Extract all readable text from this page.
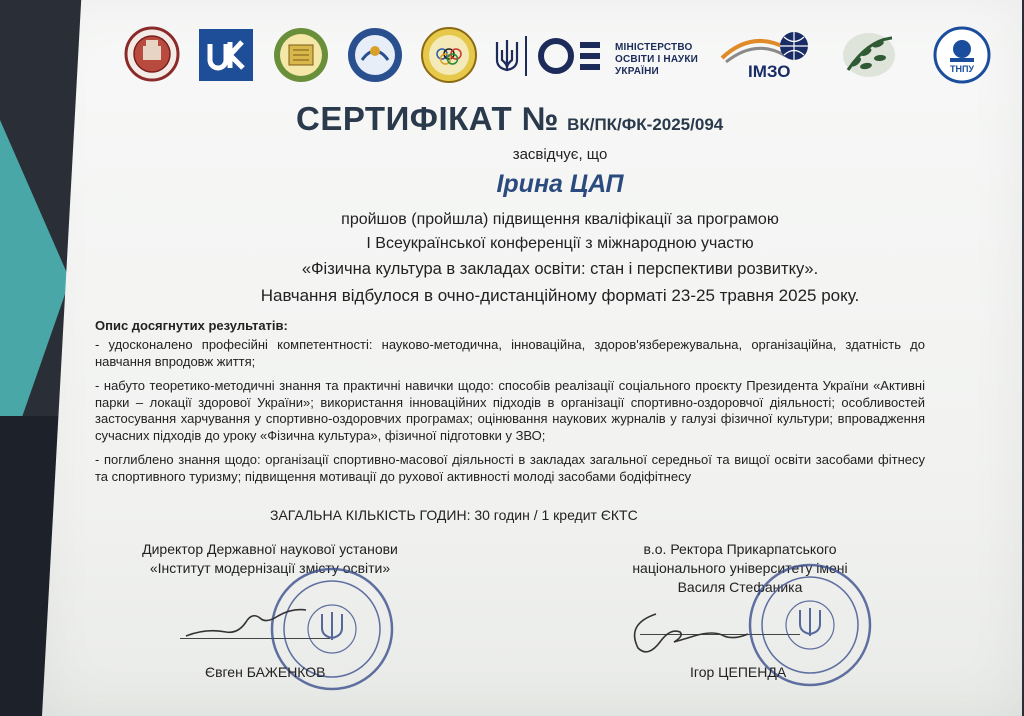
ТНПУ
МІНІСТЕРСТВО
ОСВІТИ І НАУКИ
УКРАЇНИ	ІМЗО
СЕРТИФІКАТ № ВК/ПК/ФК-2025/094
засвідчує, що
Ірина ЦАП
пройшов (пройшла) підвищення кваліфікації за програмою
І Всеукраїнської конференції з міжнародною участю
«Фізична культура в закладах освіти: стан і перспективи розвитку».
Навчання відбулося в очно-дистанційному форматі 23-25 травня 2025 року.
Опис досягнутих результатів:

- удосконалено професійні компетентності: науково-методична, інноваційна, здоров'язбережувальна, організаційна, здатність до навчання впродовж життя;

- набуто теоретико-методичні знання та практичні навички щодо: способів реалізації соціального проєкту Президента України «Активні парки – локації здорової України»; використання інноваційних підходів в організації спортивно-оздоровчої діяльності; особливостей застосування харчування у спортивно-оздоровчих програмах; оцінювання наукових журналів у галузі фізичної культури; впровадження сучасних підходів до уроку «Фізична культура», фізичної підготовки у ЗВО;

- поглиблено знання щодо: організації спортивно-масової діяльності в закладах загальної середньої та вищої освіти засобами фітнесу та спортивного туризму; підвищення мотивації до рухової активності молоді засобами бодіфітнесу

ЗАГАЛЬНА КІЛЬКІСТЬ ГОДИН: 30 годин / 1 кредит ЄКТС
Директор Державної наукової установи
«Інститут модернізації змісту освіти»
в.о. Ректора Прикарпатського
національного університету імені
Василя Стефаника
Євген БАЖЕНКОВ	Ігор ЦЕПЕНДА
